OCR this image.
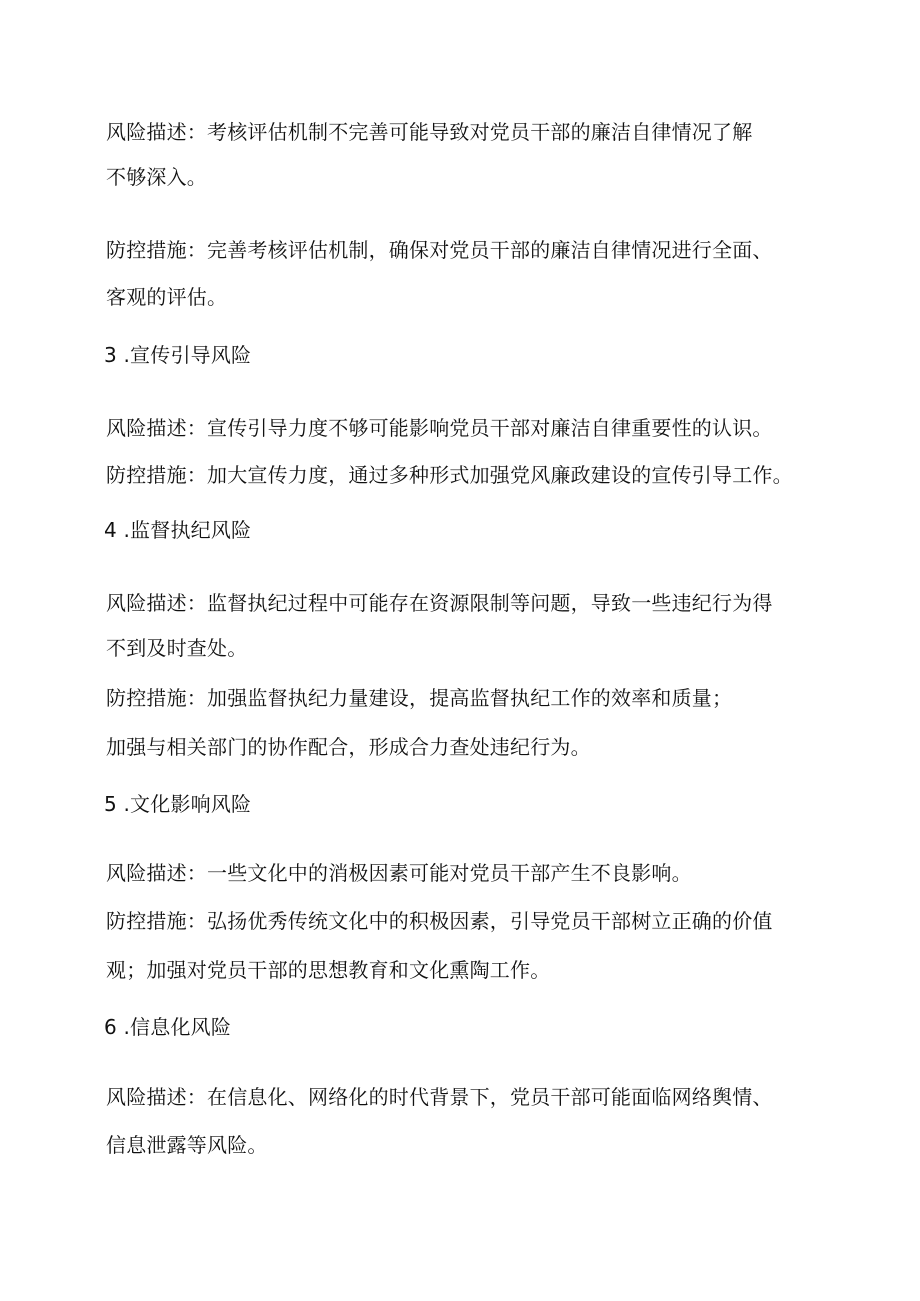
风险描述：考核评估机制不完善可能导致对党员干部的廉洁自律情况了解

不够深入。

防控措施：完善考核评估机制，确保对党员干部的廉洁自律情况进行全面、

客观的评估。

3 .宣传引导风险

风险描述：宣传引导力度不够可能影响党员干部对廉洁自律重要性的认识。

防控措施：加大宣传力度，通过多种形式加强党风廉政建设的宣传引导工作。

4 .监督执纪风险

风险描述：监督执纪过程中可能存在资源限制等问题，导致一些违纪行为得

不到及时查处。

防控措施：加强监督执纪力量建设，提高监督执纪工作的效率和质量；

加强与相关部门的协作配合，形成合力查处违纪行为。

5 .文化影响风险

风险描述：一些文化中的消极因素可能对党员干部产生不良影响。

防控措施：弘扬优秀传统文化中的积极因素，引导党员干部树立正确的价值

观；加强对党员干部的思想教育和文化熏陶工作。

6 .信息化风险

风险描述：在信息化、网络化的时代背景下，党员干部可能面临网络舆情、

信息泄露等风险。
